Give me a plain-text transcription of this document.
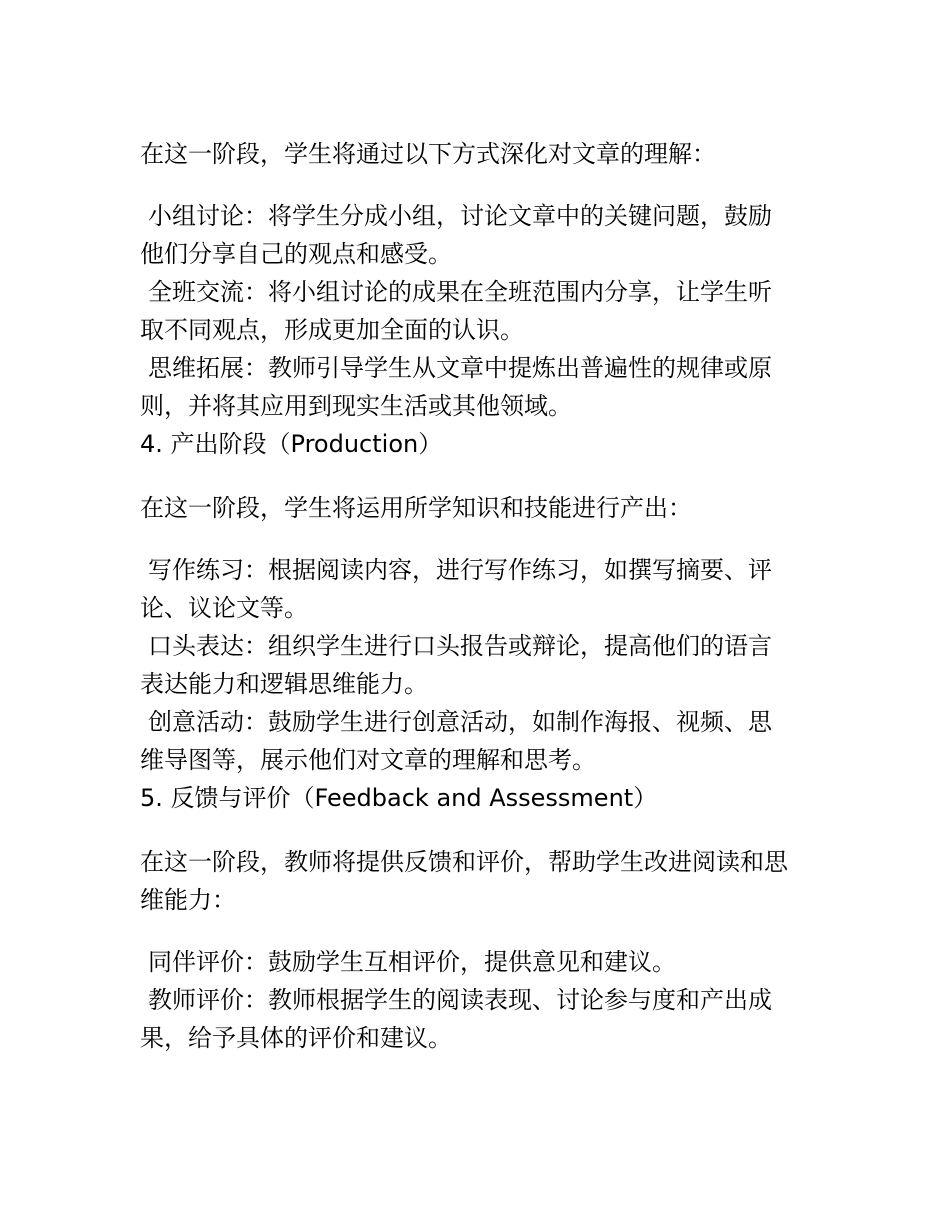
在这一阶段，学生将通过以下方式深化对文章的理解：

小组讨论：将学生分成小组，讨论文章中的关键问题，鼓励
他们分享自己的观点和感受。

全班交流：将小组讨论的成果在全班范围内分享，让学生听
取不同观点，形成更加全面的认识。

思维拓展：教师引导学生从文章中提炼出普遍性的规律或原
则，并将其应用到现实生活或其他领域。

4. 产出阶段（Production）

在这一阶段，学生将运用所学知识和技能进行产出：

写作练习：根据阅读内容，进行写作练习，如撰写摘要、评
论、议论文等。

口头表达：组织学生进行口头报告或辩论，提高他们的语言
表达能力和逻辑思维能力。

创意活动：鼓励学生进行创意活动，如制作海报、视频、思
维导图等，展示他们对文章的理解和思考。

5. 反馈与评价（Feedback and Assessment）

在这一阶段，教师将提供反馈和评价，帮助学生改进阅读和思
维能力：

同伴评价：鼓励学生互相评价，提供意见和建议。

教师评价：教师根据学生的阅读表现、讨论参与度和产出成
果，给予具体的评价和建议。
